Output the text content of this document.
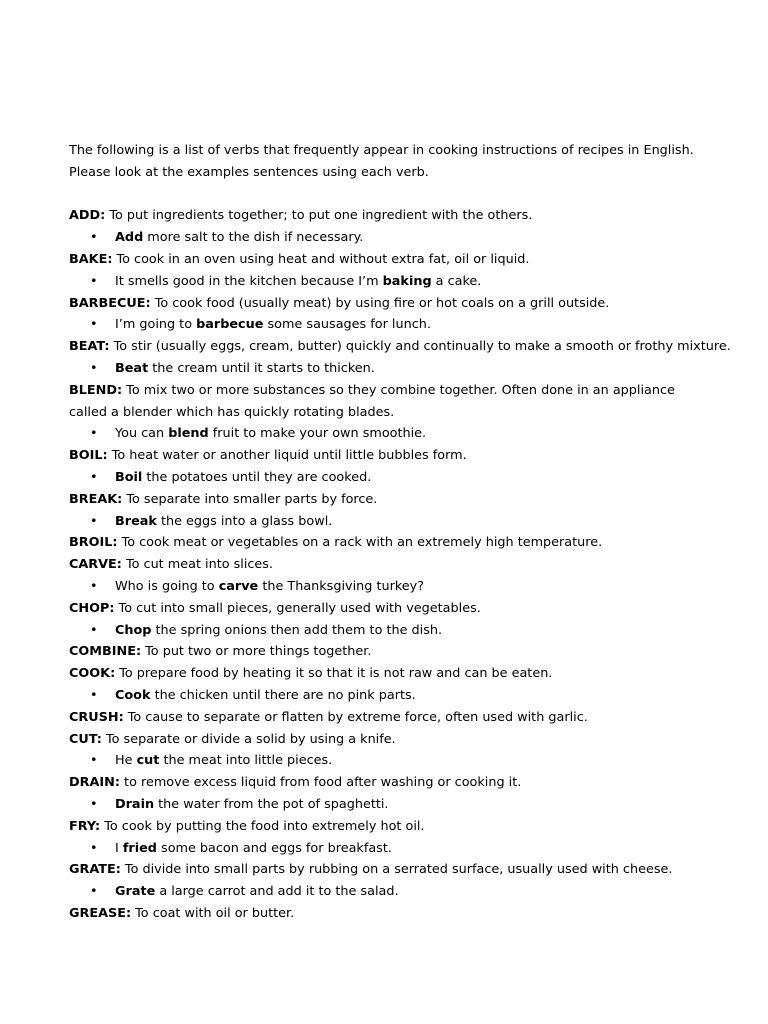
The following is a list of verbs that frequently appear in cooking instructions of recipes in English.
Please look at the examples sentences using each verb.
ADD: To put ingredients together; to put one ingredient with the others.
• Add more salt to the dish if necessary.
BAKE: To cook in an oven using heat and without extra fat, oil or liquid.
• It smells good in the kitchen because I’m baking a cake.
BARBECUE: To cook food (usually meat) by using fire or hot coals on a grill outside.
• I’m going to barbecue some sausages for lunch.
BEAT: To stir (usually eggs, cream, butter) quickly and continually to make a smooth or frothy mixture.
• Beat the cream until it starts to thicken.
BLEND: To mix two or more substances so they combine together. Often done in an appliance called a blender which has quickly rotating blades.
• You can blend fruit to make your own smoothie.
BOIL: To heat water or another liquid until little bubbles form.
• Boil the potatoes until they are cooked.
BREAK: To separate into smaller parts by force.
• Break the eggs into a glass bowl.
BROIL: To cook meat or vegetables on a rack with an extremely high temperature.
CARVE: To cut meat into slices.
• Who is going to carve the Thanksgiving turkey?
CHOP: To cut into small pieces, generally used with vegetables.
• Chop the spring onions then add them to the dish.
COMBINE: To put two or more things together.
COOK: To prepare food by heating it so that it is not raw and can be eaten.
• Cook the chicken until there are no pink parts.
CRUSH: To cause to separate or flatten by extreme force, often used with garlic.
CUT: To separate or divide a solid by using a knife.
• He cut the meat into little pieces.
DRAIN: to remove excess liquid from food after washing or cooking it.
• Drain the water from the pot of spaghetti.
FRY: To cook by putting the food into extremely hot oil.
• I fried some bacon and eggs for breakfast.
GRATE: To divide into small parts by rubbing on a serrated surface, usually used with cheese.
• Grate a large carrot and add it to the salad.
GREASE: To coat with oil or butter.
